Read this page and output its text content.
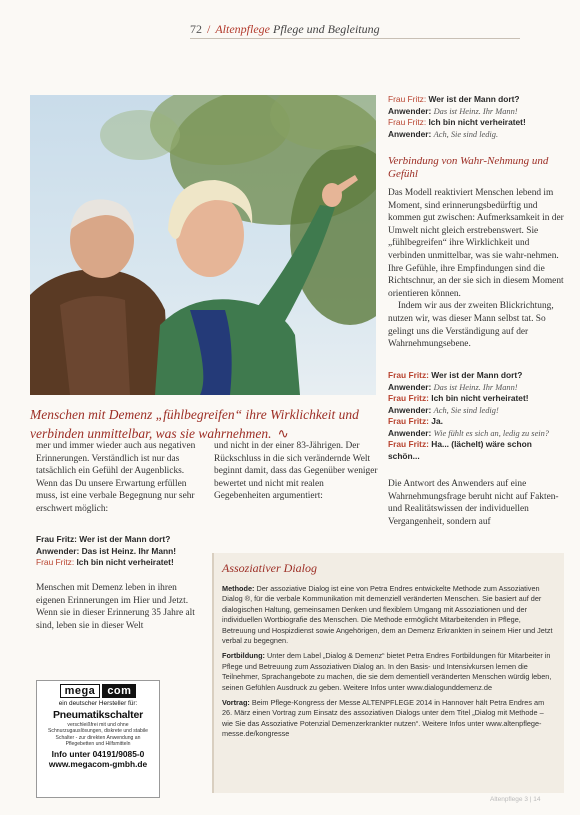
72 / Altenpflege Pflege und Begleitung
Menschen mit Demenz „fühlbegreifen“ ihre Wirklichkeit und verbinden unmittelbar, was sie wahrnehmen. ∿
Frau Fritz: Wer ist der Mann dort?
Anwender: Das ist Heinz. Ihr Mann!
Frau Fritz: Ich bin nicht verheiratet!
Anwender: Ach, Sie sind ledig.
Verbindung von Wahr-Nehmung und Gefühl

Das Modell reaktiviert Menschen lebend im Moment, sind erinnerungsbedürftig und kommen gut zwischen: Aufmerksamkeit in der Umwelt nicht gleich erstrebenswert. Sie „fühlbegreifen“ ihre Wirklichkeit und verbinden unmittelbar, was sie wahr-nehmen. Ihre Gefühle, ihre Empfindungen sind die Richtschnur, an der sie sich in diesem Moment orientieren können.

Indem wir aus der zweiten Blickrichtung, nutzen wir, was dieser Mann selbst tat. So gelingt uns die Verständigung auf der Wahrnehmungsebene.

Frau Fritz: Wer ist der Mann dort?
Anwender: Das ist Heinz. Ihr Mann!
Frau Fritz: Ich bin nicht verheiratet!
Anwender: Ach, Sie sind ledig!
Frau Fritz: Ja.
Anwender: Wie fühlt es sich an, ledig zu sein?
Frau Fritz: Ha... (lächelt) wäre schon schön...

Die Antwort des Anwenders auf eine Wahrnehmungsfrage beruht nicht auf Fakten- und Realitätswissen der individuellen Vergangenheit, sondern auf

mer und immer wieder auch aus negativen Erinnerungen. Verständlich ist nur das tatsächlich ein Gefühl der Augenblicks. Wenn das Du unsere Erwartung erfüllen muss, ist eine verbale Begegnung nur sehr erschwert möglich:

Frau Fritz: Wer ist der Mann dort?
Anwender: Das ist Heinz. Ihr Mann!
Frau Fritz: Ich bin nicht verheiratet!

Menschen mit Demenz leben in ihren eigenen Erinnerungen im Hier und Jetzt. Wenn sie in dieser Erinnerung 35 Jahre alt sind, leben sie in dieser Welt

und nicht in der einer 83-Jährigen. Der Rückschluss in die sich verändernde Welt beginnt damit, dass das Gegenüber weniger bewertet und nicht mit realen Gegebenheiten argumentiert:

Assoziativer Dialog

Methode: Der assoziative Dialog ist eine von Petra Endres entwickelte Methode zum Assoziativen Dialog ®, für die verbale Kommunikation mit demenziell veränderten Menschen. Sie basiert auf der dialogischen Haltung, gemeinsamen Denken und flexiblem Umgang mit Assoziationen und der individuellen Wortbiografie des Menschen. Die Methode ermöglicht Mitarbeitenden in Pflege, Betreuung und Hospizdienst sowie Angehörigen, dem an Demenz Erkrankten in seinem Hier und Jetzt verbal zu begegnen.

Fortbildung: Unter dem Label „Dialog & Demenz“ bietet Petra Endres Fortbildungen für Mitarbeiter in Pflege und Betreuung zum Assoziativen Dialog an. In den Basis- und Intensivkursen lernen die Teilnehmer, Sprachangebote zu machen, die sie dem dementiell veränderten Menschen würdig leben, seinen Gefühlen Ausdruck zu geben. Weitere Infos unter www.dialogunddemenz.de

Vortrag: Beim Pflege-Kongress der Messe ALTENPFLEGE 2014 in Hannover hält Petra Endres am 26. März einen Vortrag zum Einsatz des assoziativen Dialogs unter dem Titel „Dialog mit Methode – wie Sie das Assoziative Potenzial Demenzerkrankter nutzen“. Weitere Infos unter www.altenpflege-messe.de/kongresse

mega	com
ein deutscher Hersteller für:
Pneumatikschalter
verschleißfrei mit und ohne Schnurzugauslösungen, diskrete und stabile Schalter - zur direkten Anwendung an Pflegebetten und Hilfsmitteln
Info unter 04191/9085-0
www.megacom-gmbh.de
Altenpflege 3 | 14
